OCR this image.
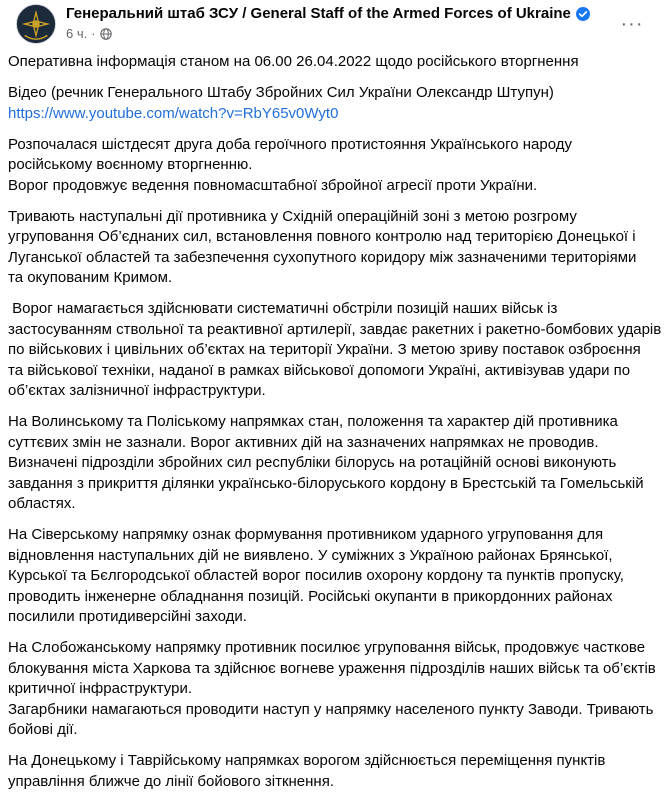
Генеральний штаб ЗСУ / General Staff of the Armed Forces of Ukraine
6 ч. ·	···
Оперативна інформація станом на 06.00 26.04.2022 щодо російського вторгнення
Відео (речник Генерального Штабу Збройних Сил України Олександр Штупун)
https://www.youtube.com/watch?v=RbY65v0Wyt0
Розпочалася шістдесят друга доба героїчного протистояння Українського народу
російському воєнному вторгненню.
Ворог продовжує ведення повномасштабної збройної агресії проти України.
Тривають наступальні дії противника у Східній операційній зоні з метою розгрому
угруповання Об’єднаних сил, встановлення повного контролю над територією Донецької і
Луганської областей та забезпечення сухопутного коридору між зазначеними територіями
та окупованим Кримом.
Ворог намагається здійснювати систематичні обстріли позицій наших військ із
застосуванням ствольної та реактивної артилерії, завдає ракетних і ракетно-бомбових ударів
по військових і цивільних об’єктах на території України. З метою зриву поставок озброєння
та військової техніки, наданої в рамках військової допомоги Україні, активізував удари по
об’єктах залізничної інфраструктури.
На Волинському та Поліському напрямках стан, положення та характер дій противника
суттєвих змін не зазнали. Ворог активних дій на зазначених напрямках не проводив.
Визначені підрозділи збройних сил республіки білорусь на ротаційній основі виконують
завдання з прикриття ділянки українсько-білоруського кордону в Брестській та Гомельській
областях.
На Сіверському напрямку ознак формування противником ударного угруповання для
відновлення наступальних дій не виявлено. У суміжних з Україною районах Брянської,
Курської та Бєлгородської областей ворог посилив охорону кордону та пунктів пропуску,
проводить інженерне обладнання позицій. Російські окупанти в прикордонних районах
посилили протидиверсійні заходи.
На Слобожанському напрямку противник посилює угруповання військ, продовжує часткове
блокування міста Харкова та здійснює вогневе ураження підрозділів наших військ та об’єктів
критичної інфраструктури.
Загарбники намагаються проводити наступ у напрямку населеного пункту Заводи. Тривають
бойові дії.
На Донецькому і Таврійському напрямках ворогом здійснюється переміщення пунктів
управління ближче до лінії бойового зіткнення.
